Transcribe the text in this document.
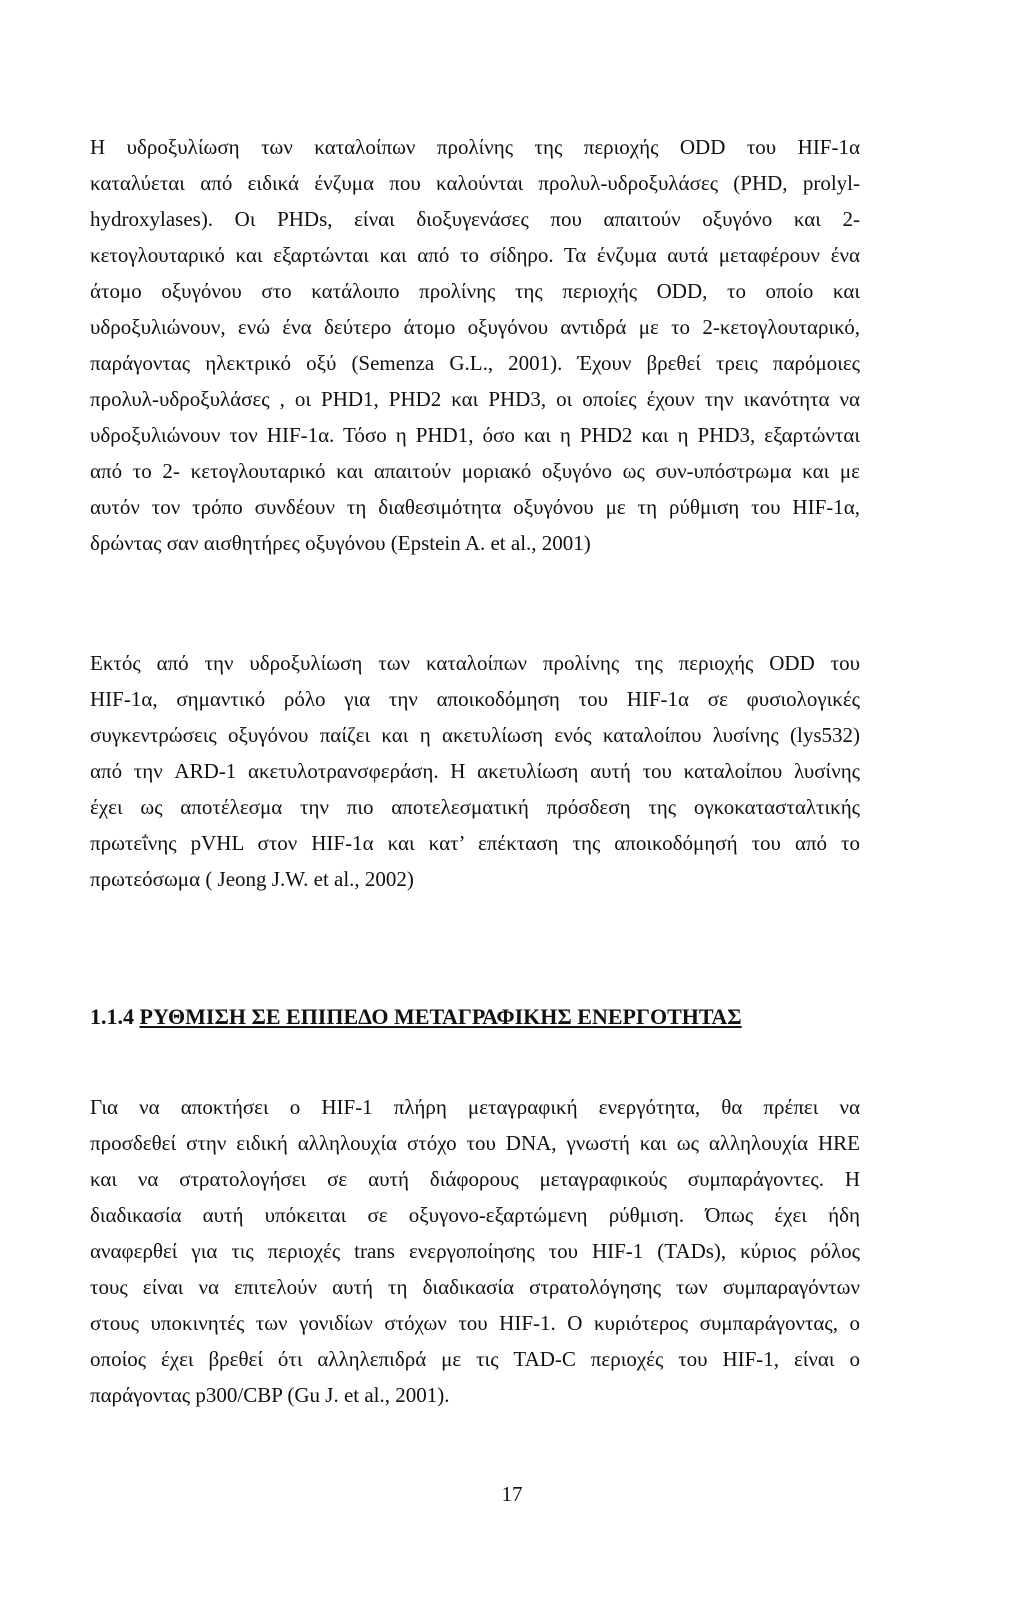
Η υδροξυλίωση των καταλοίπων προλίνης της περιοχής ODD του HIF-1α
καταλύεται από ειδικά ένζυμα που καλούνται προλυλ-υδροξυλάσες (PHD, prolyl-
hydroxylases). Οι PHDs, είναι διοξυγενάσες που απαιτούν οξυγόνο και 2-
κετογλουταρικό και εξαρτώνται και από το σίδηρο. Τα ένζυμα αυτά μεταφέρουν ένα
άτομο οξυγόνου στο κατάλοιπο προλίνης της περιοχής ODD, το οποίο και
υδροξυλιώνουν, ενώ ένα δεύτερο άτομο οξυγόνου αντιδρά με το 2-κετογλουταρικό,
παράγοντας ηλεκτρικό οξύ (Semenza G.L., 2001). Έχουν βρεθεί τρεις παρόμοιες
προλυλ-υδροξυλάσες , οι PHD1, PHD2 και PHD3, οι οποίες έχουν την ικανότητα να
υδροξυλιώνουν τον HIF-1α. Τόσο η PHD1, όσο και η PHD2 και η PHD3, εξαρτώνται
από το 2- κετογλουταρικό και απαιτούν μοριακό οξυγόνο ως συν-υπόστρωμα και με
αυτόν τον τρόπο συνδέουν τη διαθεσιμότητα οξυγόνου με τη ρύθμιση του HIF-1α,
δρώντας σαν αισθητήρες οξυγόνου (Epstein A. et al., 2001)

Εκτός από την υδροξυλίωση των καταλοίπων προλίνης της περιοχής ODD του
HIF-1α, σημαντικό ρόλο για την αποικοδόμηση του HIF-1α σε φυσιολογικές
συγκεντρώσεις οξυγόνου παίζει και η ακετυλίωση ενός καταλοίπου λυσίνης (lys532)
από την ARD-1 ακετυλοτρανσφεράση. Η ακετυλίωση αυτή του καταλοίπου λυσίνης
έχει ως αποτέλεσμα την πιο αποτελεσματική πρόσδεση της ογκοκατασταλτικής
πρωτεΐνης pVHL στον HIF-1α και κατ’ επέκταση της αποικοδόμησή του από το
πρωτεόσωμα ( Jeong J.W. et al., 2002)

1.1.4 ΡΥΘΜΙΣΗ ΣΕ ΕΠΙΠΕΔΟ ΜΕΤΑΓΡΑΦΙΚΗΣ ΕΝΕΡΓΟΤΗΤΑΣ

Για να αποκτήσει ο HIF-1 πλήρη μεταγραφική ενεργότητα, θα πρέπει να
προσδεθεί στην ειδική αλληλουχία στόχο του DNA, γνωστή και ως αλληλουχία HRE
και να στρατολογήσει σε αυτή διάφορους μεταγραφικούς συμπαράγοντες. Η
διαδικασία αυτή υπόκειται σε οξυγονο-εξαρτώμενη ρύθμιση. Όπως έχει ήδη
αναφερθεί για τις περιοχές trans ενεργοποίησης του HIF-1 (TADs), κύριος ρόλος
τους είναι να επιτελούν αυτή τη διαδικασία στρατολόγησης των συμπαραγόντων
στους υποκινητές των γονιδίων στόχων του HIF-1. Ο κυριότερος συμπαράγοντας, ο
οποίος έχει βρεθεί ότι αλληλεπιδρά με τις TAD-C περιοχές του HIF-1, είναι ο
παράγοντας p300/CBP (Gu J. et al., 2001).

17
